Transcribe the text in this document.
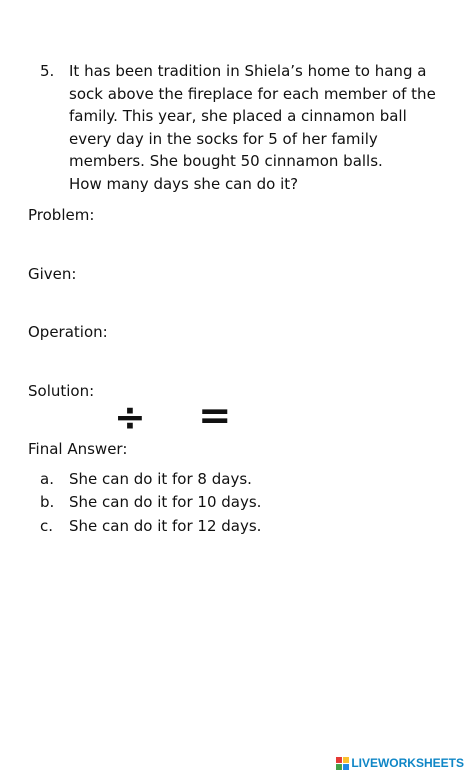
5. It has been tradition in Shiela’s home to hang a
sock above the fireplace for each member of the
family. This year, she placed a cinnamon ball
every day in the socks for 5 of her family
members. She bought 50 cinnamon balls.
How many days she can do it?
Problem:
Given:
Operation:
Solution:
÷ =
Final Answer:
a.	She can do it for 8 days.
b. She can do it for 10 days.
c.	She can do it for 12 days.
LIVEWORKSHEETS
